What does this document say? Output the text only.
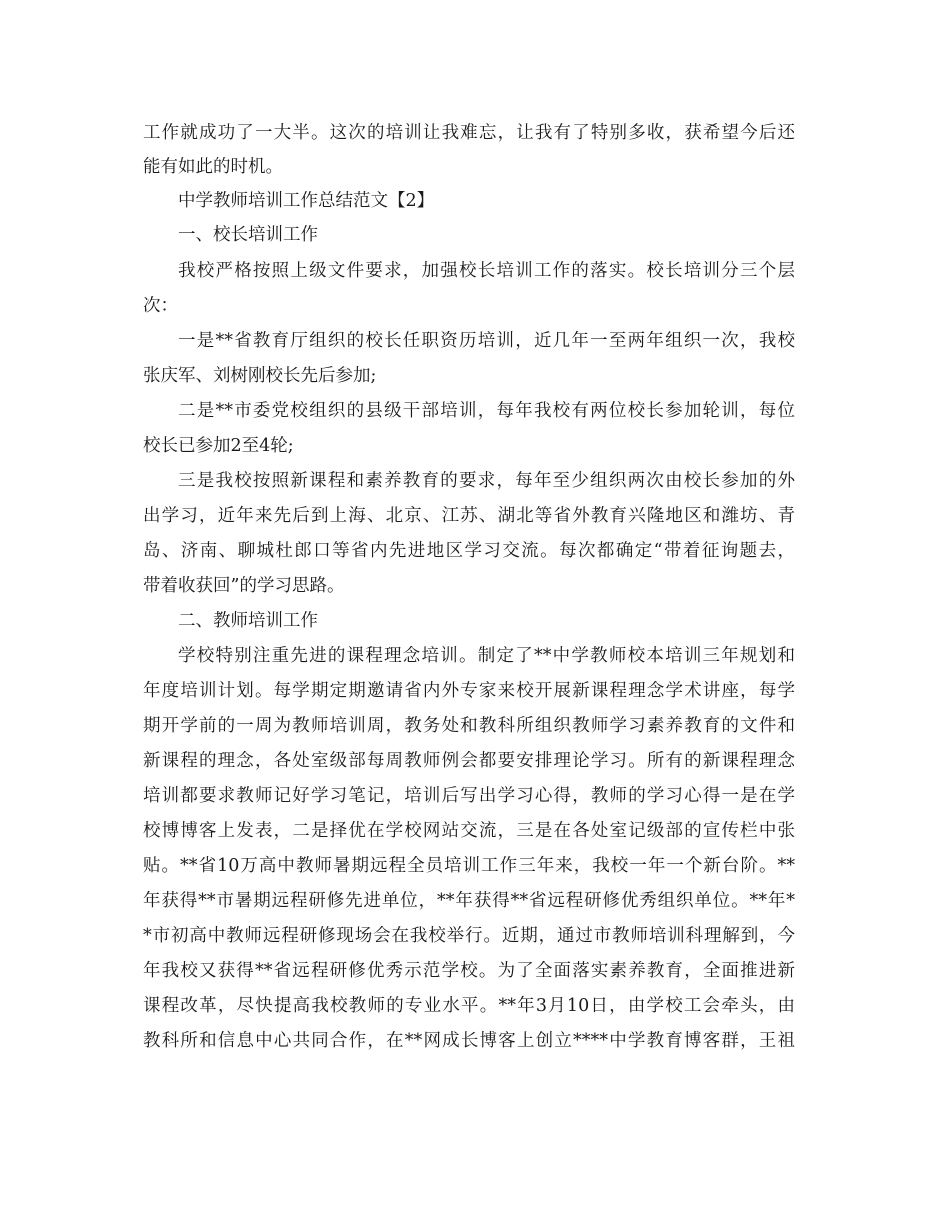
工作就成功了一大半。这次的培训让我难忘，让我有了特别多收，获希望今后还
能有如此的时机。
中学教师培训工作总结范文【2】
一、校长培训工作
我校严格按照上级文件要求，加强校长培训工作的落实。校长培训分三个层
次：
一是**省教育厅组织的校长任职资历培训，近几年一至两年组织一次，我校
张庆军、刘树刚校长先后参加;
二是**市委党校组织的县级干部培训，每年我校有两位校长参加轮训，每位
校长已参加2至4轮;
三是我校按照新课程和素养教育的要求，每年至少组织两次由校长参加的外
出学习，近年来先后到上海、北京、江苏、湖北等省外教育兴隆地区和潍坊、青
岛、济南、聊城杜郎口等省内先进地区学习交流。每次都确定“带着征询题去，
带着收获回”的学习思路。
二、教师培训工作
学校特别注重先进的课程理念培训。制定了**中学教师校本培训三年规划和
年度培训计划。每学期定期邀请省内外专家来校开展新课程理念学术讲座，每学
期开学前的一周为教师培训周，教务处和教科所组织教师学习素养教育的文件和
新课程的理念，各处室级部每周教师例会都要安排理论学习。所有的新课程理念
培训都要求教师记好学习笔记，培训后写出学习心得，教师的学习心得一是在学
校博博客上发表，二是择优在学校网站交流，三是在各处室记级部的宣传栏中张
贴。**省10万高中教师暑期远程全员培训工作三年来，我校一年一个新台阶。**
年获得**市暑期远程研修先进单位，**年获得**省远程研修优秀组织单位。**年*
*市初高中教师远程研修现场会在我校举行。近期，通过市教师培训科理解到，今
年我校又获得**省远程研修优秀示范学校。为了全面落实素养教育，全面推进新
课程改革，尽快提高我校教师的专业水平。**年3月10日，由学校工会牵头，由
教科所和信息中心共同合作，在**网成长博客上创立****中学教育博客群，王祖
